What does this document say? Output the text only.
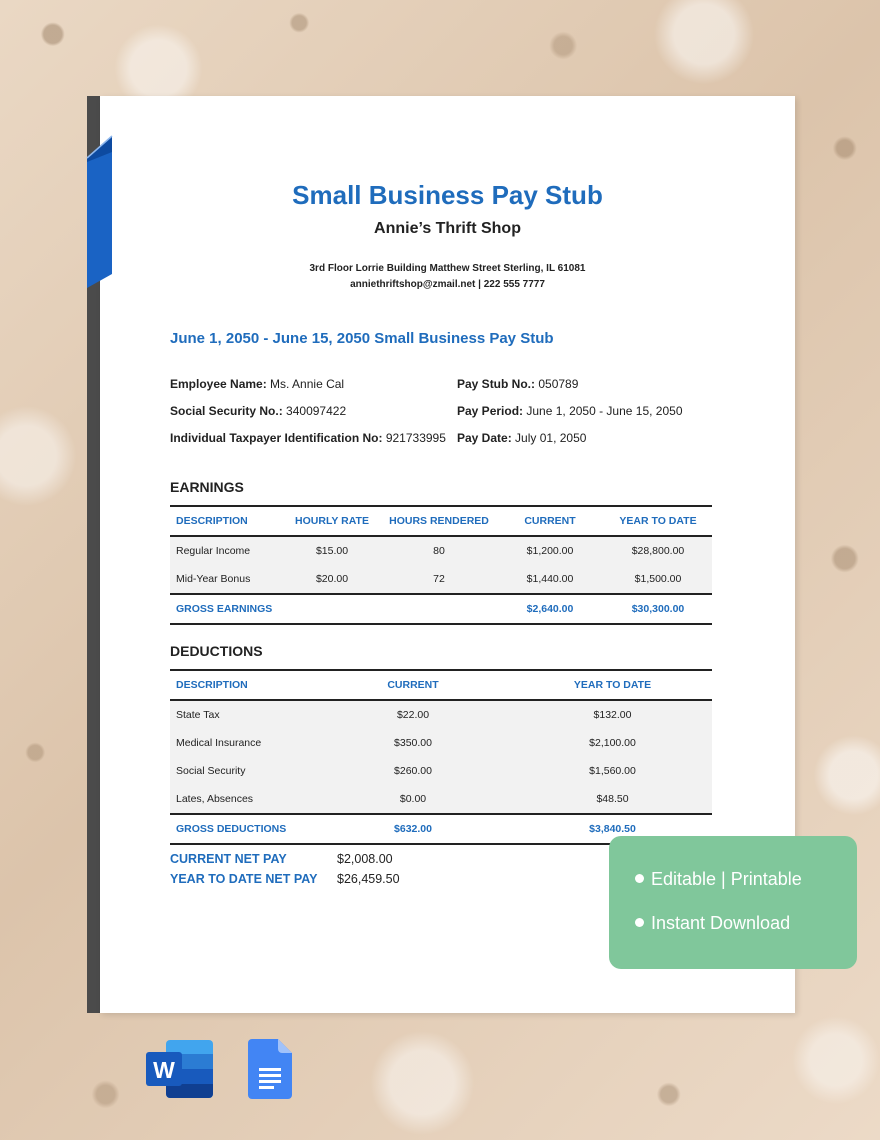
Small Business Pay Stub
Annie’s Thrift Shop
3rd Floor Lorrie Building Matthew Street Sterling, IL 61081
anniethriftshop@zmail.net | 222 555 7777
June 1, 2050 - June 15, 2050 Small Business Pay Stub
Employee Name: Ms. Annie Cal
Social Security No.: 340097422
Individual Taxpayer Identification No: 921733995
Pay Stub No.: 050789
Pay Period: June 1, 2050 - June 15, 2050
Pay Date: July 01, 2050
EARNINGS
DESCRIPTION	HOURLY RATE	HOURS RENDERED	CURRENT	YEAR TO DATE
Regular Income	$15.00	80	$1,200.00	$28,800.00
Mid-Year Bonus	$20.00	72	$1,440.00	$1,500.00
GROSS EARNINGS			$2,640.00	$30,300.00
DEDUCTIONS
DESCRIPTION	CURRENT	YEAR TO DATE
State Tax	$22.00	$132.00
Medical Insurance	$350.00	$2,100.00
Social Security	$260.00	$1,560.00
Lates, Absences	$0.00	$48.50
GROSS DEDUCTIONS	$632.00	$3,840.50
CURRENT NET PAY	$2,008.00
YEAR TO DATE NET PAY $26,459.50	Editable | Printable
Instant Download
W
